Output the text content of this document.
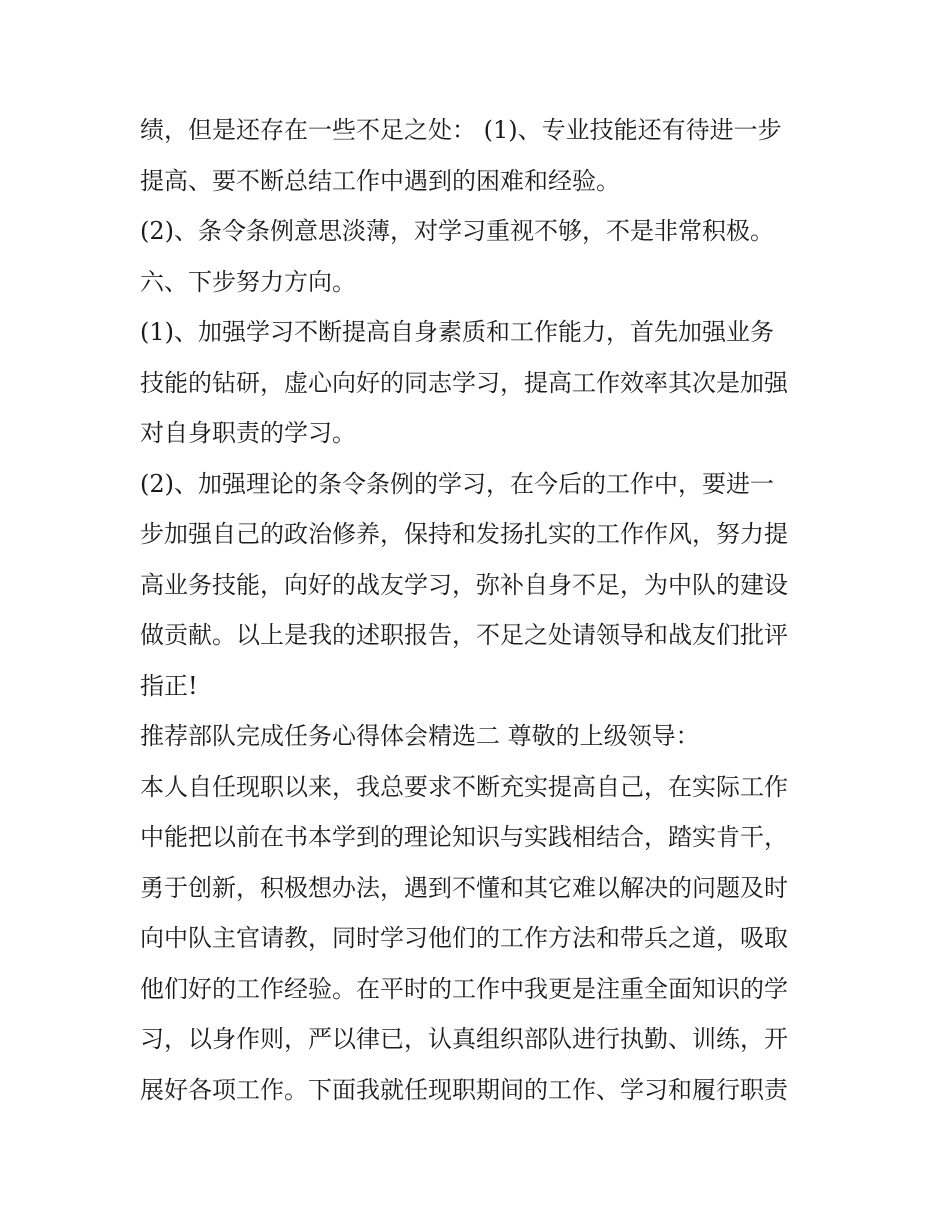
绩，但是还存在一些不足之处： (1)、专业技能还有待进一步
提高、要不断总结工作中遇到的困难和经验。
(2)、条令条例意思淡薄，对学习重视不够，不是非常积极。
六、下步努力方向。
(1)、加强学习不断提高自身素质和工作能力，首先加强业务
技能的钻研，虚心向好的同志学习，提高工作效率其次是加强
对自身职责的学习。
(2)、加强理论的条令条例的学习，在今后的工作中，要进一
步加强自己的政治修养，保持和发扬扎实的工作作风，努力提
高业务技能，向好的战友学习，弥补自身不足，为中队的建设
做贡献。以上是我的述职报告，不足之处请领导和战友们批评
指正!
推荐部队完成任务心得体会精选二 尊敬的上级领导：
本人自任现职以来，我总要求不断充实提高自己，在实际工作
中能把以前在书本学到的理论知识与实践相结合，踏实肯干，
勇于创新，积极想办法，遇到不懂和其它难以解决的问题及时
向中队主官请教，同时学习他们的工作方法和带兵之道，吸取
他们好的工作经验。在平时的工作中我更是注重全面知识的学
习，以身作则，严以律已，认真组织部队进行执勤、训练，开
展好各项工作。下面我就任现职期间的工作、学习和履行职责
